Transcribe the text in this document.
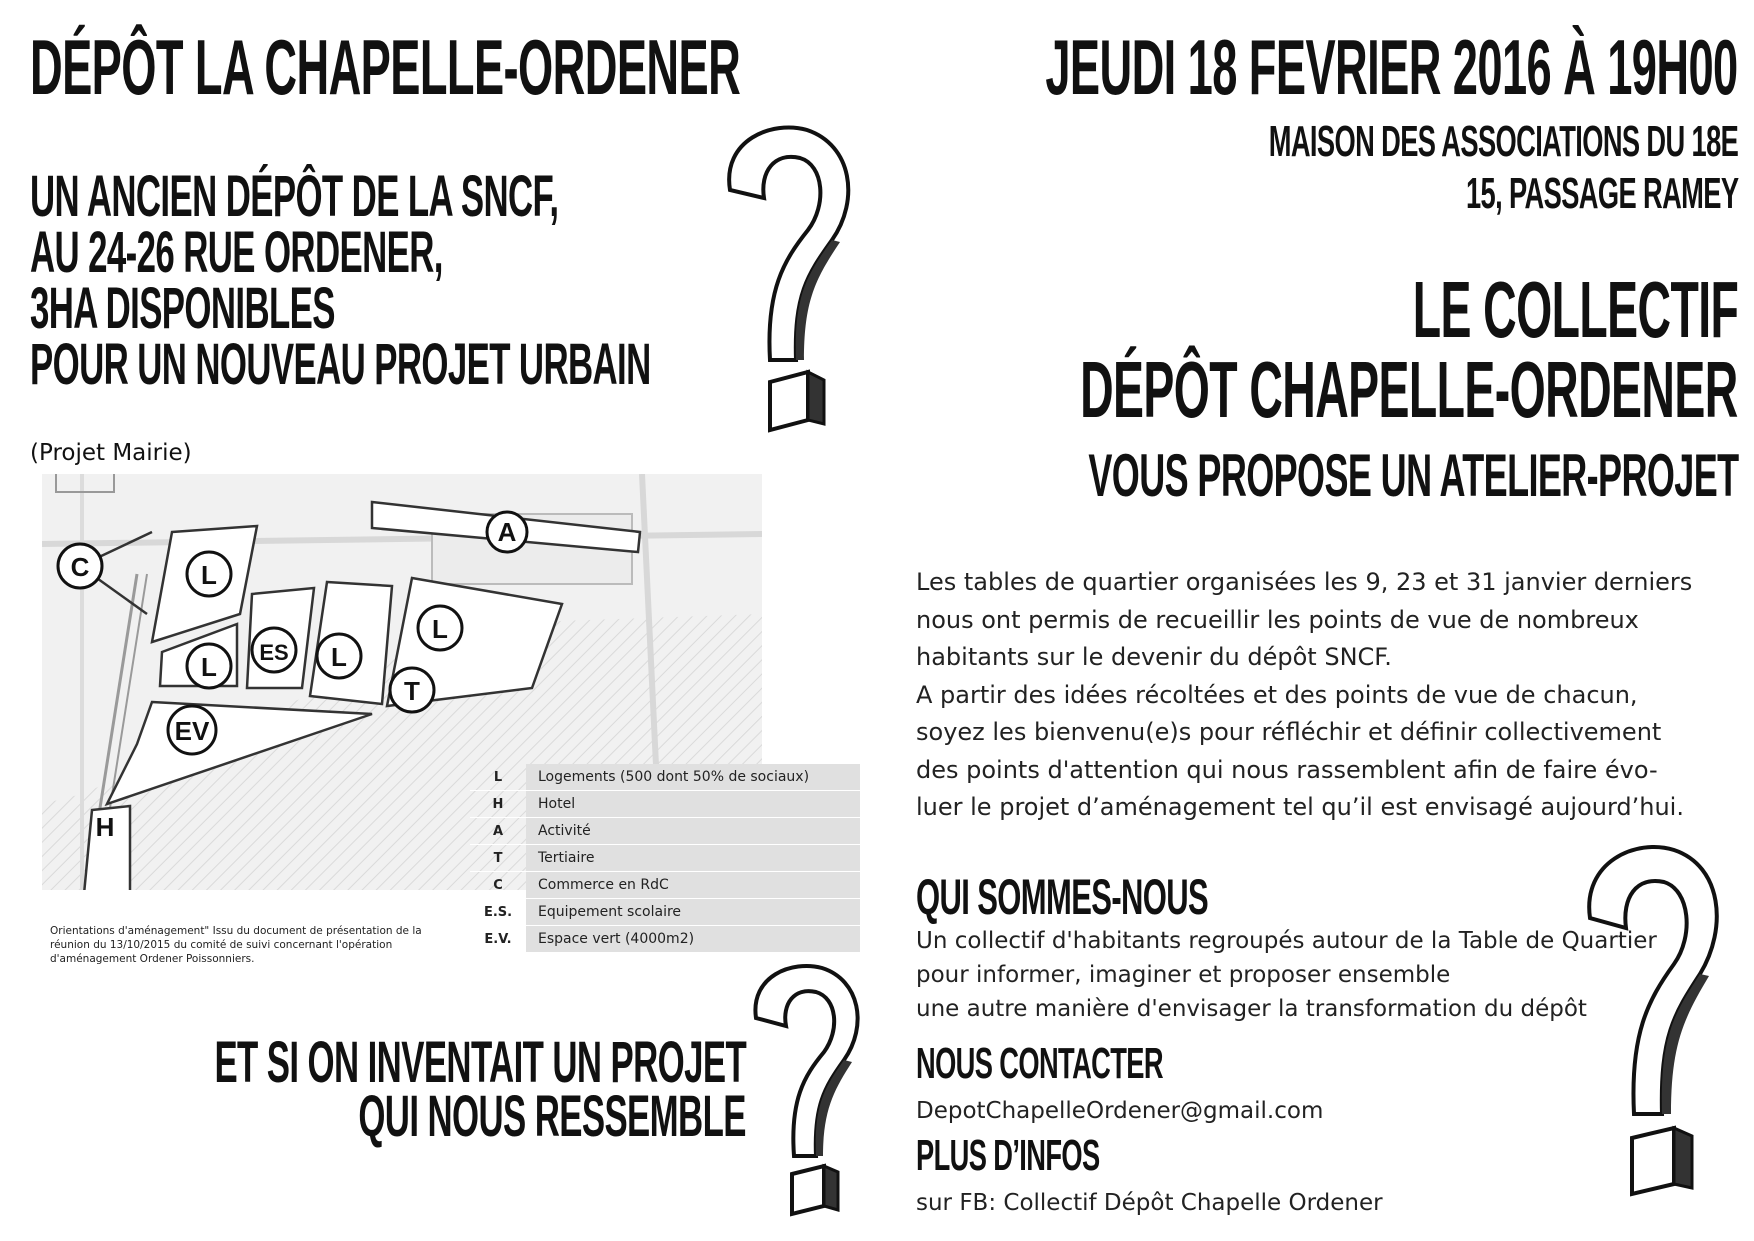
DÉPÔT LA CHAPELLE-ORDENER
UN ANCIEN DÉPÔT DE LA SNCF,
AU 24-26 RUE ORDENER,
3HA DISPONIBLES
POUR UN NOUVEAU PROJET URBAIN
(Projet Mairie)
L
L
C
ES L
A
L
T
EV
H
L	Logements (500 dont 50% de sociaux)
H	Hotel
A	Activité
T	Tertiaire
C	Commerce en RdC
E.S.	Equipement scolaire
E.V.	Espace vert (4000m2)
Orientations d'aménagement" Issu du document de présentation de la
réunion du 13/10/2015 du comité de suivi concernant l'opération
d'aménagement Ordener Poissonniers.
ET SI ON INVENTAIT UN PROJET
QUI NOUS RESSEMBLE
JEUDI 18 FEVRIER 2016 À 19H00
MAISON DES ASSOCIATIONS DU 18E
15, PASSAGE RAMEY
LE COLLECTIF
DÉPÔT CHAPELLE-ORDENER
VOUS PROPOSE UN ATELIER-PROJET
Les tables de quartier organisées les 9, 23 et 31 janvier derniers
nous ont permis de recueillir les points de vue de nombreux
habitants sur le devenir du dépôt SNCF.
A partir des idées récoltées et des points de vue de chacun,
soyez les bienvenu(e)s pour réfléchir et définir collectivement
des points d'attention qui nous rassemblent afin de faire évo-
luer le projet d’aménagement tel qu’il est envisagé aujourd’hui.
QUI SOMMES-NOUS
Un collectif d'habitants regroupés autour de la Table de Quartier
pour informer, imaginer et proposer ensemble
une autre manière d'envisager la transformation du dépôt
NOUS CONTACTER
DepotChapelleOrdener@gmail.com
PLUS D’INFOS
sur FB: Collectif Dépôt Chapelle Ordener
